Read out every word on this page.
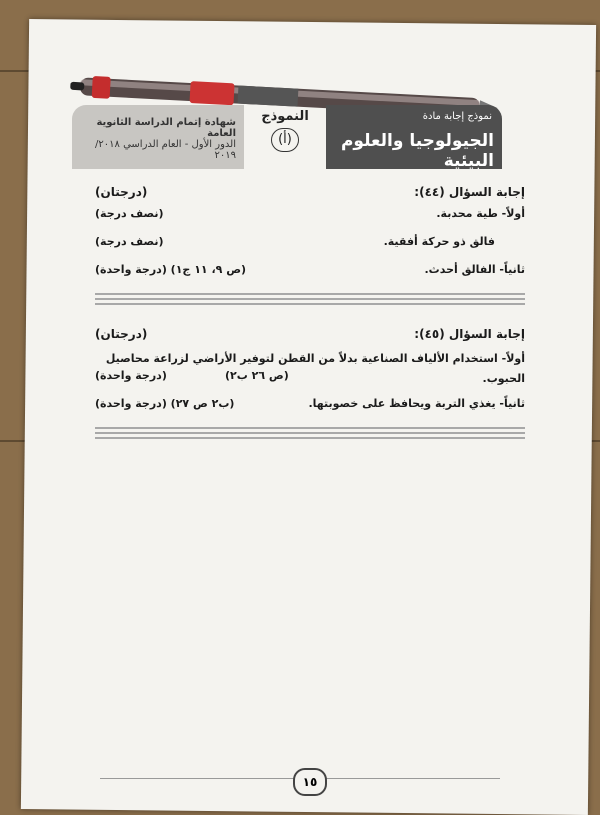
نموذج إجابة مادة
الجيولوجيا والعلوم البيئية
النموذج
(أ)
شهادة إتمام الدراسة الثانوية العامة
الدور الأول - العام الدراسي ٢٠١٨/ ٢٠١٩
إجابة السؤال (٤٤):
(درجتان)
أولاً- طية محدبة.
(نصف درجة)
فالق ذو حركة أفقية.
(نصف درجة)
ثانياً- الفالق أحدث.
(ص ٩، ١١ ج١) (درجة واحدة)
إجابة السؤال (٤٥):
(درجتان)
أولاً- استخدام الألياف الصناعية بدلاً من القطن لتوفير الأراضي لزراعة محاصيل الحبوب.
(ص ٢٦ ب٢)
(درجة واحدة)
ثانياً- يغذي التربة ويحافظ على خصوبتها.
(ب٢ ص ٢٧) (درجة واحدة)
١٥
